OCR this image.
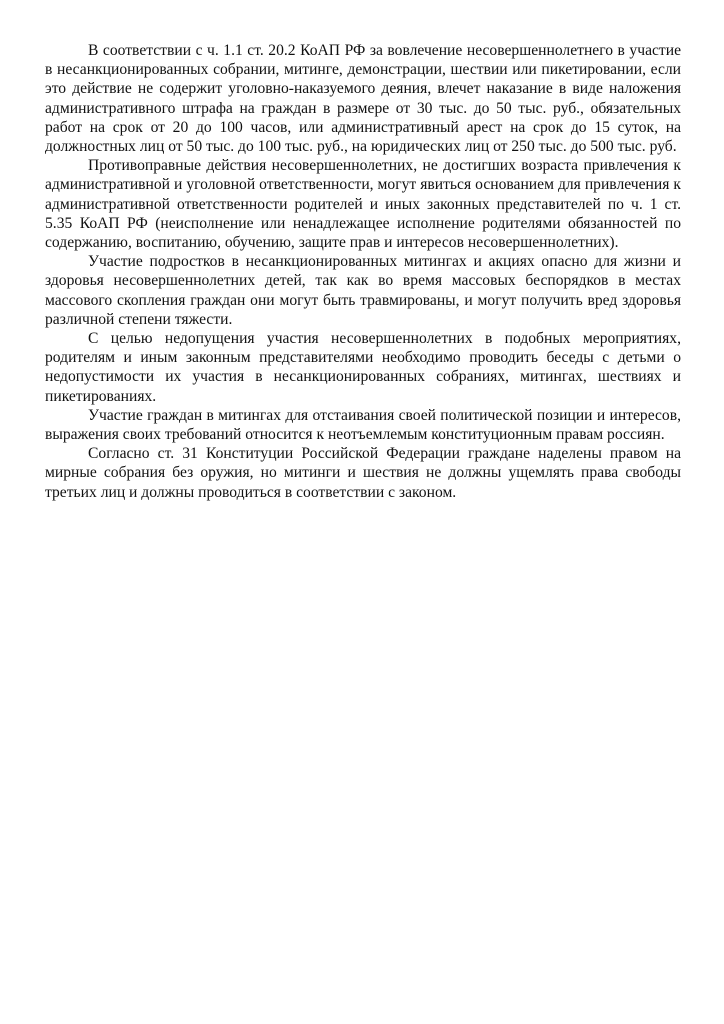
В соответствии с ч. 1.1 ст. 20.2 КоАП РФ за вовлечение несовершеннолетнего в участие в несанкционированных собрании, митинге, демонстрации, шествии или пикетировании, если это действие не содержит уголовно-наказуемого деяния, влечет наказание в виде наложения административного штрафа на граждан в размере от 30 тыс. до 50 тыс. руб., обязательных работ на срок от 20 до 100 часов, или административный арест на срок до 15 суток, на должностных лиц от 50 тыс. до 100 тыс. руб., на юридических лиц от 250 тыс. до 500 тыс. руб.

Противоправные действия несовершеннолетних, не достигших возраста привлечения к административной и уголовной ответственности, могут явиться основанием для привлечения к административной ответственности родителей и иных законных представителей по ч. 1 ст. 5.35 КоАП РФ (неисполнение или ненадлежащее исполнение родителями обязанностей по содержанию, воспитанию, обучению, защите прав и интересов несовершеннолетних).

Участие подростков в несанкционированных митингах и акциях опасно для жизни и здоровья несовершеннолетних детей, так как во время массовых беспорядков в местах массового скопления граждан они могут быть травмированы, и могут получить вред здоровья различной степени тяжести.

С целью недопущения участия несовершеннолетних в подобных мероприятиях, родителям и иным законным представителями необходимо проводить беседы с детьми о недопустимости их участия в несанкционированных собраниях, митингах, шествиях и пикетированиях.

Участие граждан в митингах для отстаивания своей политической позиции и интересов, выражения своих требований относится к неотъемлемым конституционным правам россиян.

Согласно ст. 31 Конституции Российской Федерации граждане наделены правом на мирные собрания без оружия, но митинги и шествия не должны ущемлять права свободы третьих лиц и должны проводиться в соответствии с законом.
